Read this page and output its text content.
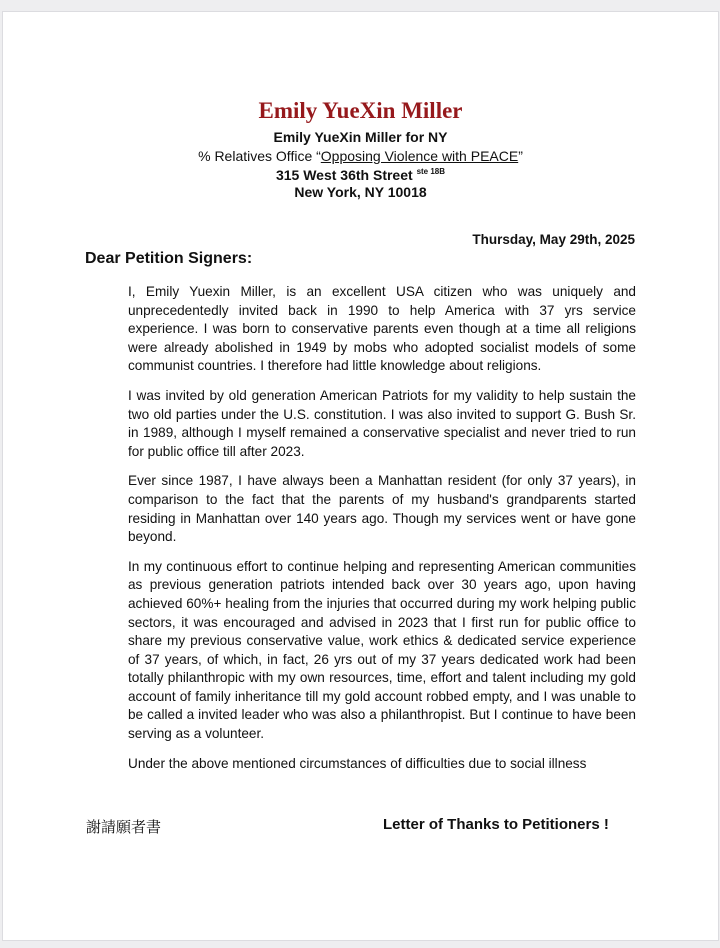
Emily YueXin Miller
Emily YueXin Miller for NY
% Relatives Office “Opposing Violence with PEACE”
315 West 36th Street $^{ste 18B}$
New York, NY 10018
Thursday, May 29th, 2025
Dear Petition Signers:

I, Emily Yuexin Miller, is an excellent USA citizen who was uniquely and unprecedentedly invited back in 1990 to help America with 37 yrs service experience. I was born to conservative parents even though at a time all religions were already abolished in 1949 by mobs who adopted socialist models of some communist countries. I therefore had little knowledge about religions.

I was invited by old generation American Patriots for my validity to help sustain the two old parties under the U.S. constitution. I was also invited to support G. Bush Sr. in 1989, although I myself remained a conservative specialist and never tried to run for public office till after 2023.

Ever since 1987, I have always been a Manhattan resident (for only 37 years), in comparison to the fact that the parents of my husband's grandparents started residing in Manhattan over 140 years ago. Though my services went or have gone beyond.

In my continuous effort to continue helping and representing American communities as previous generation patriots intended back over 30 years ago, upon having achieved 60%+ healing from the injuries that occurred during my work helping public sectors, it was encouraged and advised in 2023 that I first run for public office to share my previous conservative value, work ethics & dedicated service experience of 37 years, of which, in fact, 26 yrs out of my 37 years dedicated work had been totally philanthropic with my own resources, time, effort and talent including my gold account of family inheritance till my gold account robbed empty, and I was unable to be called a invited leader who was also a philanthropist. But I continue to have been serving as a volunteer.

Under the above mentioned circumstances of difficulties due to social illness

謝請願者書	Letter of Thanks to Petitioners !
